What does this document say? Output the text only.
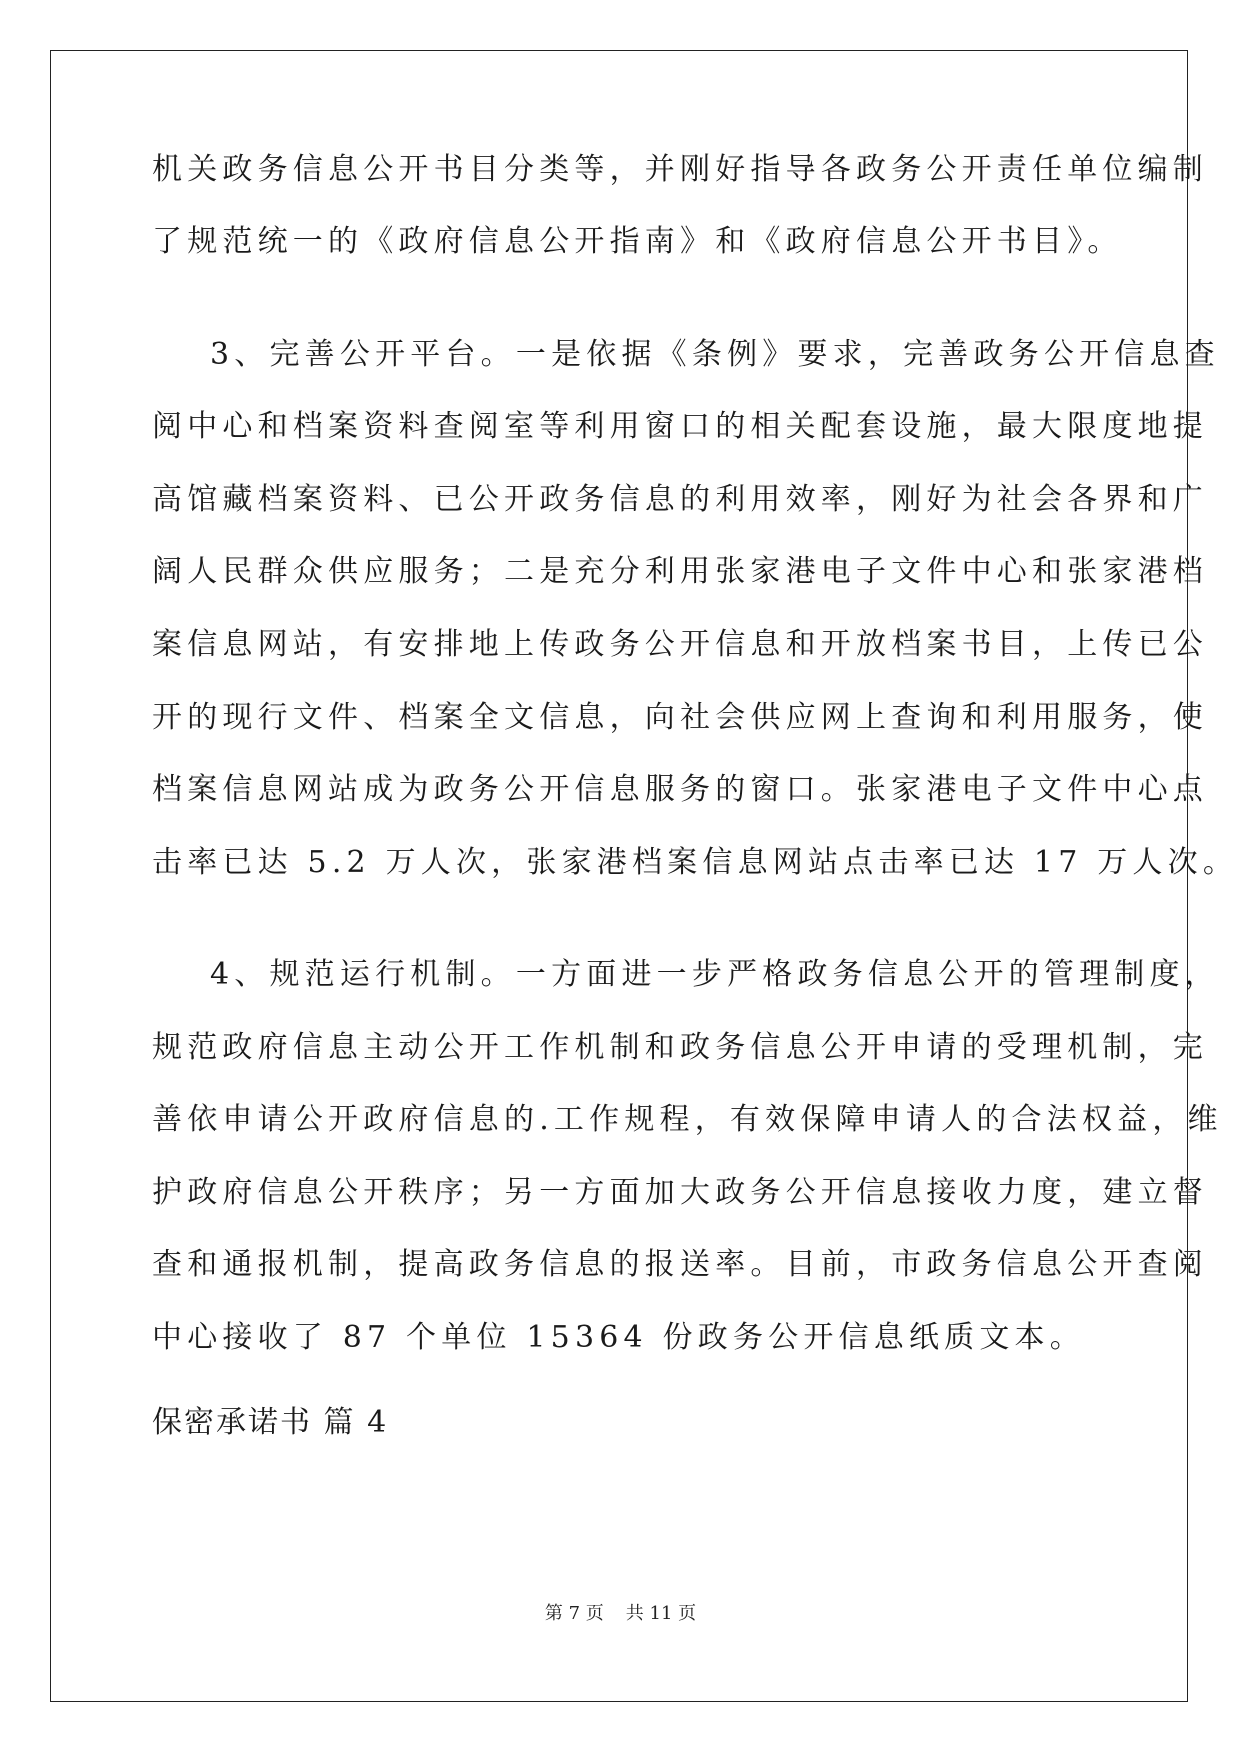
机关政务信息公开书目分类等，并刚好指导各政务公开责任单位编制
了规范统一的《政府信息公开指南》和《政府信息公开书目》。
3、完善公开平台。一是依据《条例》要求，完善政务公开信息查
阅中心和档案资料查阅室等利用窗口的相关配套设施，最大限度地提
高馆藏档案资料、已公开政务信息的利用效率，刚好为社会各界和广
阔人民群众供应服务；二是充分利用张家港电子文件中心和张家港档
案信息网站，有安排地上传政务公开信息和开放档案书目，上传已公
开的现行文件、档案全文信息，向社会供应网上查询和利用服务，使
档案信息网站成为政务公开信息服务的窗口。张家港电子文件中心点
击率已达 5.2 万人次，张家港档案信息网站点击率已达 17 万人次。
4、规范运行机制。一方面进一步严格政务信息公开的管理制度，
规范政府信息主动公开工作机制和政务信息公开申请的受理机制，完
善依申请公开政府信息的.工作规程，有效保障申请人的合法权益，维
护政府信息公开秩序；另一方面加大政务公开信息接收力度，建立督
查和通报机制，提高政务信息的报送率。目前，市政务信息公开查阅
中心接收了 87 个单位 15364 份政务公开信息纸质文本。
保密承诺书 篇 4
第 7 页 共 11 页
